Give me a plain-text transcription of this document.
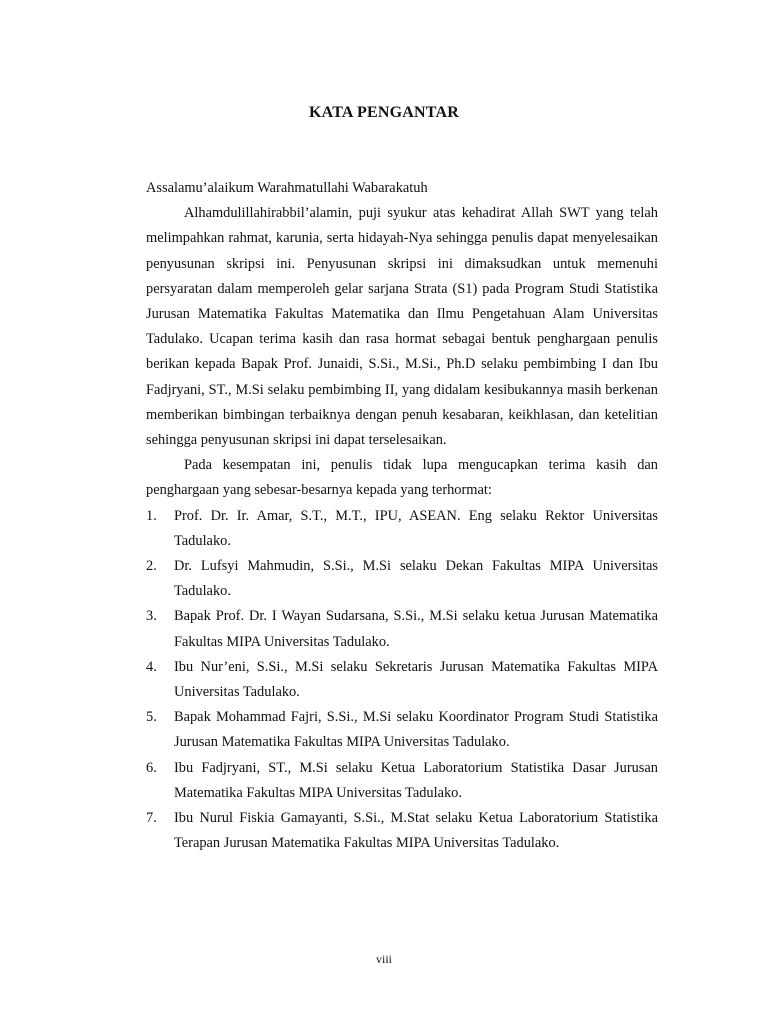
KATA PENGANTAR

Assalamu’alaikum Warahmatullahi Wabarakatuh

Alhamdulillahirabbil’alamin, puji syukur atas kehadirat Allah SWT yang telah melimpahkan rahmat, karunia, serta hidayah-Nya sehingga penulis dapat menyelesaikan penyusunan skripsi ini. Penyusunan skripsi ini dimaksudkan untuk memenuhi persyaratan dalam memperoleh gelar sarjana Strata (S1) pada Program Studi Statistika Jurusan Matematika Fakultas Matematika dan Ilmu Pengetahuan Alam Universitas Tadulako. Ucapan terima kasih dan rasa hormat sebagai bentuk penghargaan penulis berikan kepada Bapak Prof. Junaidi, S.Si., M.Si., Ph.D selaku pembimbing I dan Ibu Fadjryani, ST., M.Si selaku pembimbing II, yang didalam kesibukannya masih berkenan memberikan bimbingan terbaiknya dengan penuh kesabaran, keikhlasan, dan ketelitian sehingga penyusunan skripsi ini dapat terselesaikan.

Pada kesempatan ini, penulis tidak lupa mengucapkan terima kasih dan penghargaan yang sebesar-besarnya kepada yang terhormat:

1. Prof. Dr. Ir. Amar, S.T., M.T., IPU, ASEAN. Eng selaku Rektor Universitas Tadulako.
2. Dr. Lufsyi Mahmudin, S.Si., M.Si selaku Dekan Fakultas MIPA Universitas Tadulako.
3. Bapak Prof. Dr. I Wayan Sudarsana, S.Si., M.Si selaku ketua Jurusan Matematika Fakultas MIPA Universitas Tadulako.
4. Ibu Nur’eni, S.Si., M.Si selaku Sekretaris Jurusan Matematika Fakultas MIPA Universitas Tadulako.
5. Bapak Mohammad Fajri, S.Si., M.Si selaku Koordinator Program Studi Statistika Jurusan Matematika Fakultas MIPA Universitas Tadulako.
6. Ibu Fadjryani, ST., M.Si selaku Ketua Laboratorium Statistika Dasar Jurusan Matematika Fakultas MIPA Universitas Tadulako.
7. Ibu Nurul Fiskia Gamayanti, S.Si., M.Stat selaku Ketua Laboratorium Statistika Terapan Jurusan Matematika Fakultas MIPA Universitas Tadulako.
viii
